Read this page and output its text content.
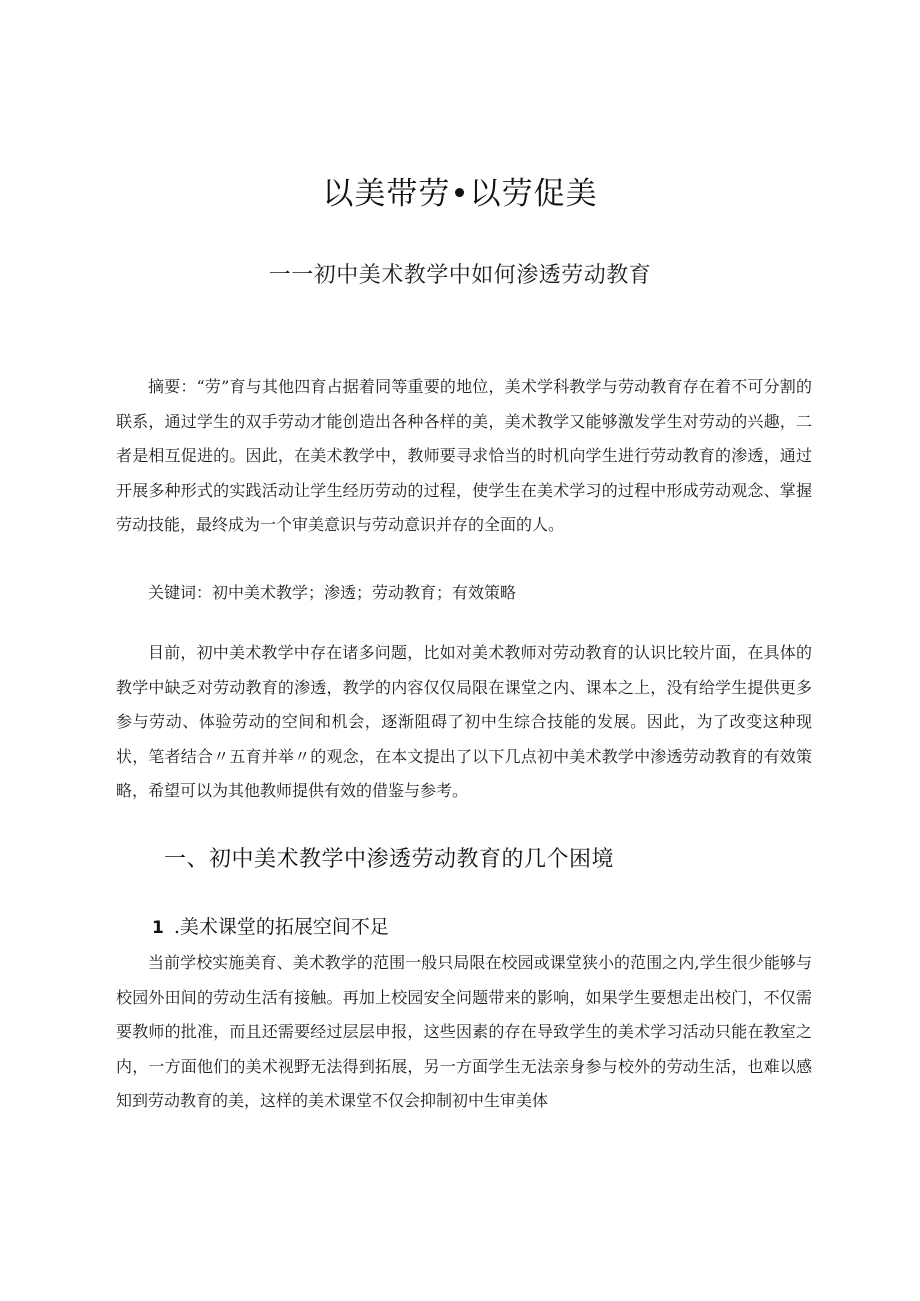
以美带劳•以劳促美
一一初中美术教学中如何渗透劳动教育

摘要：“劳”育与其他四育占据着同等重要的地位，美术学科教学与劳动教育存在着不可分割的联系，通过学生的双手劳动才能创造出各种各样的美，美术教学又能够激发学生对劳动的兴趣，二者是相互促进的。因此，在美术教学中，教师要寻求恰当的时机向学生进行劳动教育的渗透，通过开展多种形式的实践活动让学生经历劳动的过程，使学生在美术学习的过程中形成劳动观念、掌握劳动技能，最终成为一个审美意识与劳动意识并存的全面的人。

关键词：初中美术教学；渗透；劳动教育；有效策略

目前，初中美术教学中存在诸多问题，比如对美术教师对劳动教育的认识比较片面，在具体的教学中缺乏对劳动教育的渗透，教学的内容仅仅局限在课堂之内、课本之上，没有给学生提供更多参与劳动、体验劳动的空间和机会，逐渐阻碍了初中生综合技能的发展。因此，为了改变这种现状，笔者结合〃五育并举〃的观念，在本文提出了以下几点初中美术教学中渗透劳动教育的有效策略，希望可以为其他教师提供有效的借鉴与参考。

一、初中美术教学中渗透劳动教育的几个困境
1 .美术课堂的拓展空间不足

当前学校实施美育、美术教学的范围一般只局限在校园或课堂狭小的范围之内,学生很少能够与校园外田间的劳动生活有接触。再加上校园安全问题带来的影响，如果学生要想走出校门，不仅需要教师的批准，而且还需要经过层层申报，这些因素的存在导致学生的美术学习活动只能在教室之内，一方面他们的美术视野无法得到拓展，另一方面学生无法亲身参与校外的劳动生活，也难以感知到劳动教育的美，这样的美术课堂不仅会抑制初中生审美体
